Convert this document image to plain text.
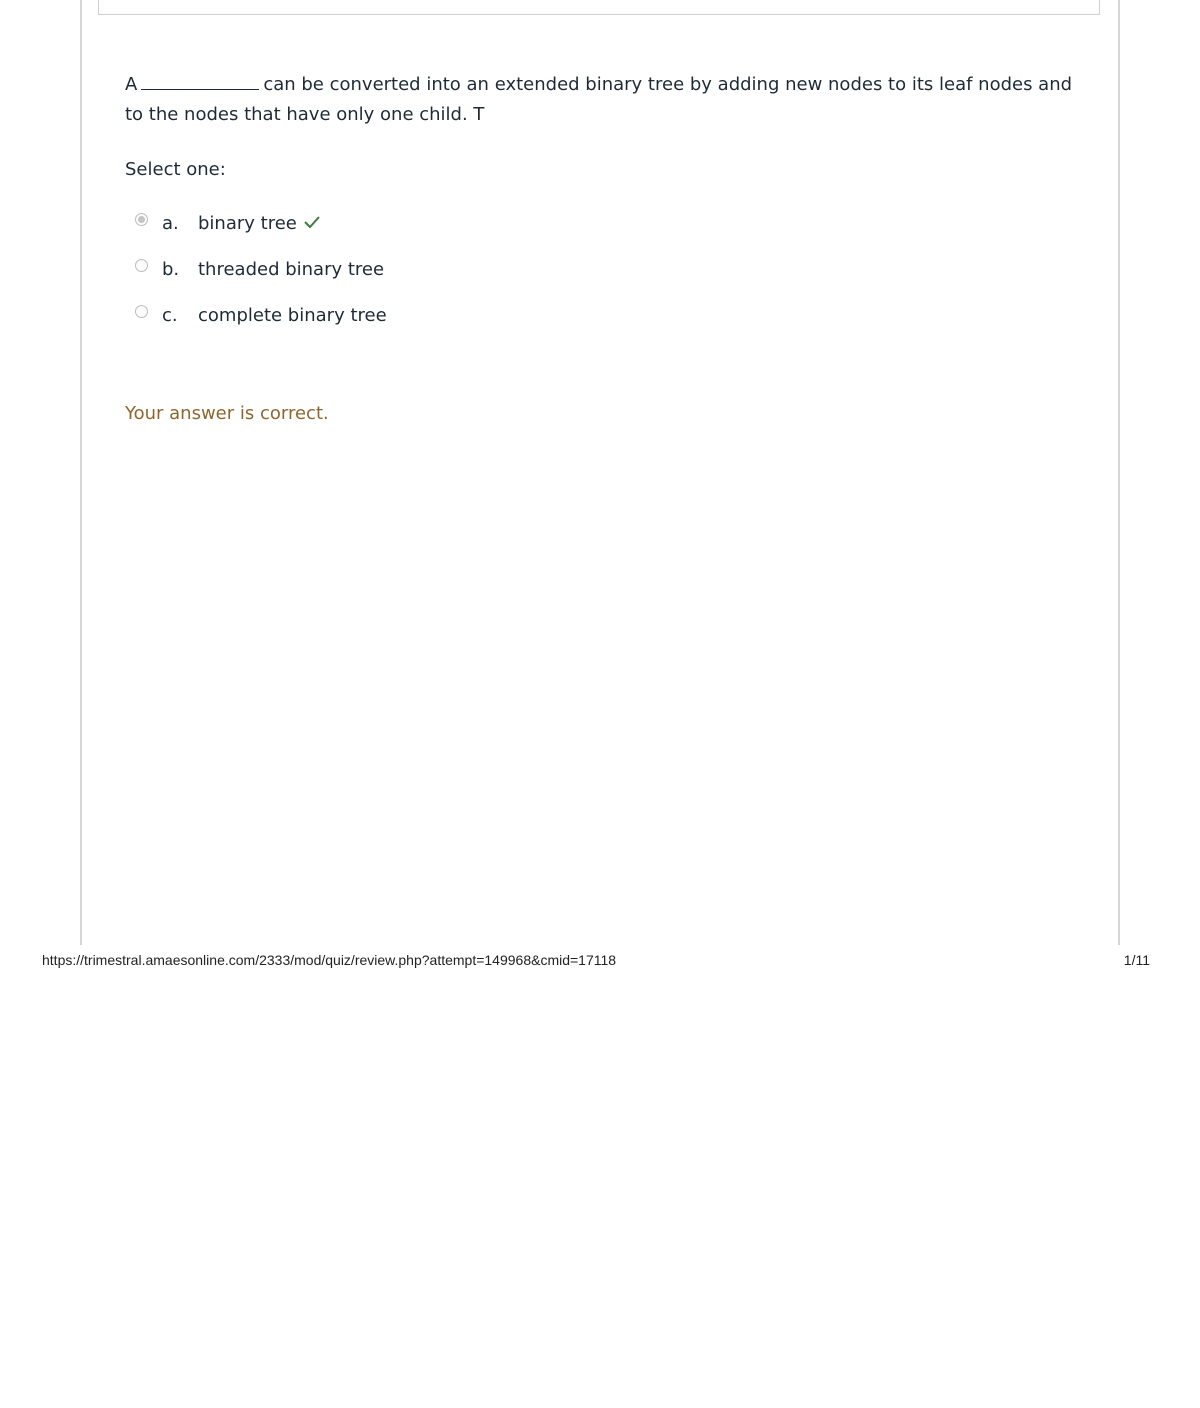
A	can be converted into an extended binary tree by adding new nodes to its leaf nodes and to the nodes that have only one child. T

Select one:
a.	binary tree
b.	threaded binary tree
c.	complete binary tree
Your answer is correct.
https://trimestral.amaesonline.com/2333/mod/quiz/review.php?attempt=149968&cmid=17118	1/11
